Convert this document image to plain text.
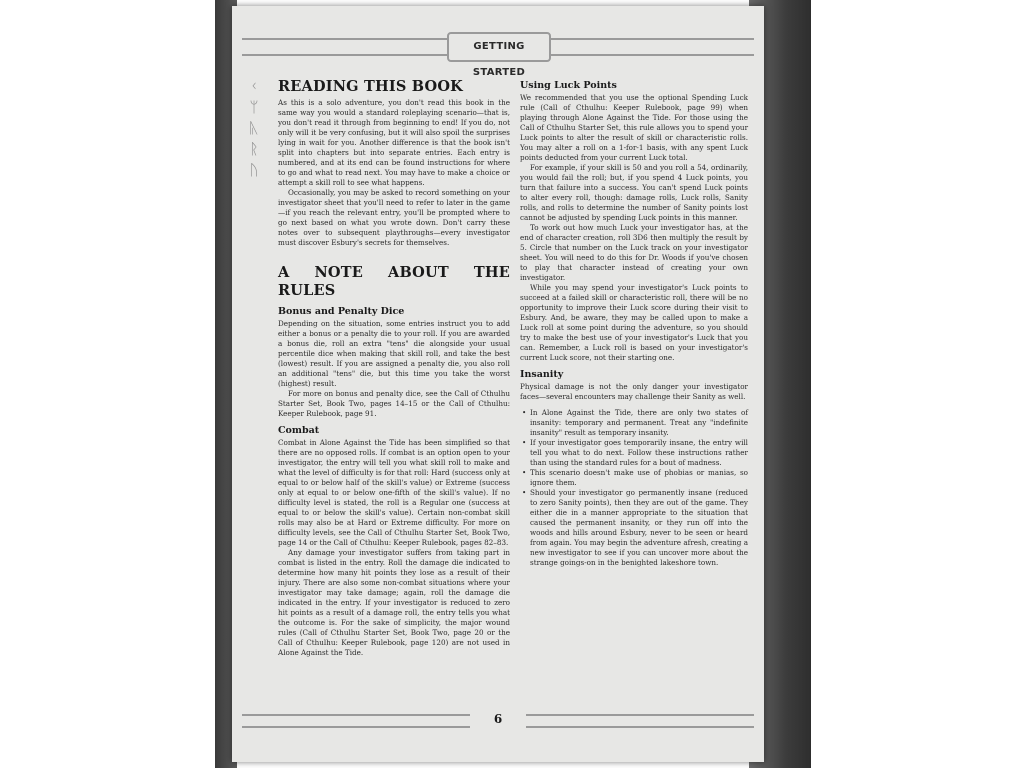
GETTING STARTED
ᚲ
ᛘ
ᚣ
ᚱ
ᚢ
READING THIS BOOK

As this is a solo adventure, you don't read this book in the same way you would a standard roleplaying scenario—that is, you don't read it through from beginning to end! If you do, not only will it be very confusing, but it will also spoil the surprises lying in wait for you. Another difference is that the book isn't split into chapters but into separate entries. Each entry is numbered, and at its end can be found instructions for where to go and what to read next. You may have to make a choice or attempt a skill roll to see what happens.

Occasionally, you may be asked to record something on your investigator sheet that you'll need to refer to later in the game—if you reach the relevant entry, you'll be prompted where to go next based on what you wrote down. Don't carry these notes over to subsequent playthroughs—every investigator must discover Esbury's secrets for themselves.

A NOTE ABOUT THE RULES
Bonus and Penalty Dice

Depending on the situation, some entries instruct you to add either a bonus or a penalty die to your roll. If you are awarded a bonus die, roll an extra "tens" die alongside your usual percentile dice when making that skill roll, and take the best (lowest) result. If you are assigned a penalty die, you also roll an additional "tens" die, but this time you take the worst (highest) result.

For more on bonus and penalty dice, see the Call of Cthulhu Starter Set, Book Two, pages 14–15 or the Call of Cthulhu: Keeper Rulebook, page 91.

Combat

Combat in Alone Against the Tide has been simplified so that there are no opposed rolls. If combat is an option open to your investigator, the entry will tell you what skill roll to make and what the level of difficulty is for that roll: Hard (success only at equal to or below half of the skill's value) or Extreme (success only at equal to or below one-fifth of the skill's value). If no difficulty level is stated, the roll is a Regular one (success at equal to or below the skill's value). Certain non-combat skill rolls may also be at Hard or Extreme difficulty. For more on difficulty levels, see the Call of Cthulhu Starter Set, Book Two, page 14 or the Call of Cthulhu: Keeper Rulebook, pages 82–83.

Any damage your investigator suffers from taking part in combat is listed in the entry. Roll the damage die indicated to determine how many hit points they lose as a result of their injury. There are also some non-combat situations where your investigator may take damage; again, roll the damage die indicated in the entry. If your investigator is reduced to zero hit points as a result of a damage roll, the entry tells you what the outcome is. For the sake of simplicity, the major wound rules (Call of Cthulhu Starter Set, Book Two, page 20 or the Call of Cthulhu: Keeper Rulebook, page 120) are not used in Alone Against the Tide.

Using Luck Points

We recommended that you use the optional Spending Luck rule (Call of Cthulhu: Keeper Rulebook, page 99) when playing through Alone Against the Tide. For those using the Call of Cthulhu Starter Set, this rule allows you to spend your Luck points to alter the result of skill or characteristic rolls. You may alter a roll on a 1-for-1 basis, with any spent Luck points deducted from your current Luck total.

For example, if your skill is 50 and you roll a 54, ordinarily, you would fail the roll; but, if you spend 4 Luck points, you turn that failure into a success. You can't spend Luck points to alter every roll, though: damage rolls, Luck rolls, Sanity rolls, and rolls to determine the number of Sanity points lost cannot be adjusted by spending Luck points in this manner.

To work out how much Luck your investigator has, at the end of character creation, roll 3D6 then multiply the result by 5. Circle that number on the Luck track on your investigator sheet. You will need to do this for Dr. Woods if you've chosen to play that character instead of creating your own investigator.

While you may spend your investigator's Luck points to succeed at a failed skill or characteristic roll, there will be no opportunity to improve their Luck score during their visit to Esbury. And, be aware, they may be called upon to make a Luck roll at some point during the adventure, so you should try to make the best use of your investigator's Luck that you can. Remember, a Luck roll is based on your investigator's current Luck score, not their starting one.

Insanity

Physical damage is not the only danger your investigator faces—several encounters may challenge their Sanity as well.

• In Alone Against the Tide, there are only two states of insanity: temporary and permanent. Treat any "indefinite insanity" result as temporary insanity.
• If your investigator goes temporarily insane, the entry will tell you what to do next. Follow these instructions rather than using the standard rules for a bout of madness.
• This scenario doesn't make use of phobias or manias, so ignore them.
• Should your investigator go permanently insane (reduced to zero Sanity points), then they are out of the game. They either die in a manner appropriate to the situation that caused the permanent insanity, or they run off into the woods and hills around Esbury, never to be seen or heard from again. You may begin the adventure afresh, creating a new investigator to see if you can uncover more about the strange goings-on in the benighted lakeshore town.
6
